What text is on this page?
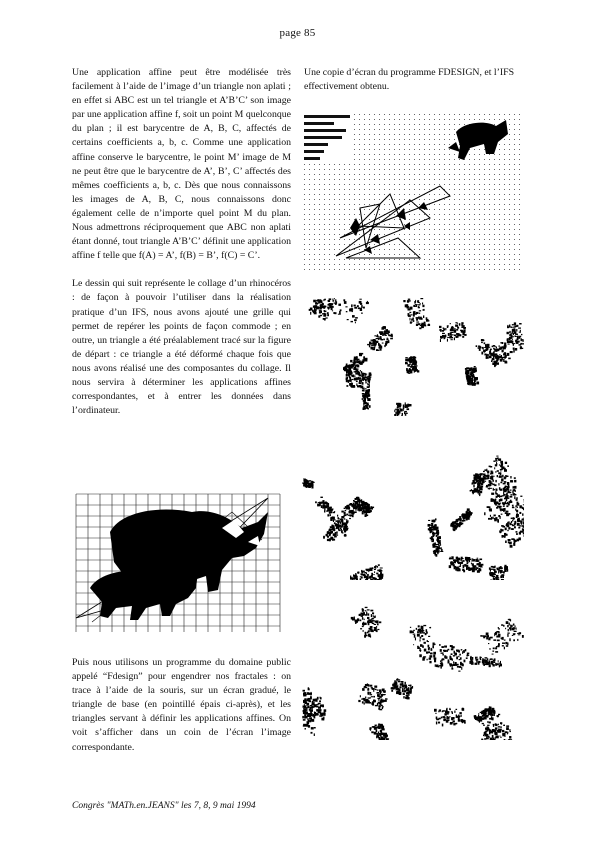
page 85

Une application affine peut être modélisée très facilement à l’aide de l’image d’un triangle non aplati ; en effet si ABC est un tel triangle et A’B’C’ son image par une application affine f, soit un point M quelconque du plan ; il est barycentre de A, B, C, affectés de certains coefficients a, b, c. Comme une application affine conserve le barycentre, le point M’ image de M ne peut être que le barycentre de A’, B’, C’ affectés des mêmes coefficients a, b, c. Dès que nous connaissons les images de A, B, C, nous connaissons donc également celle de n’importe quel point M du plan. Nous admettrons réciproquement que ABC non aplati étant donné, tout triangle A’B’C’ définit une application affine f telle que f(A) = A’, f(B) = B’, f(C) = C’.

Le dessin qui suit représente le collage d’un rhinocéros : de façon à pouvoir l’utiliser dans la réalisation pratique d’un IFS, nous avons ajouté une grille qui permet de repérer les points de façon commode ; en outre, un triangle a été préalablement tracé sur la figure de départ : ce triangle a été déformé chaque fois que nous avons réalisé une des composantes du collage. Il nous servira à déterminer les applications affines correspondantes, et à entrer les données dans l’ordinateur.

Puis nous utilisons un programme du domaine public appelé “Fdesign” pour engendrer nos fractales : on trace à l’aide de la souris, sur un écran gradué, le triangle de base (en pointillé épais ci-après), et les triangles servant à définir les applications affines. On voit s’afficher dans un coin de l’écran l’image correspondante.

Une copie d’écran du programme FDESIGN, et l’IFS effectivement obtenu.

Congrès "MATh.en.JEANS" les 7, 8, 9 mai 1994
